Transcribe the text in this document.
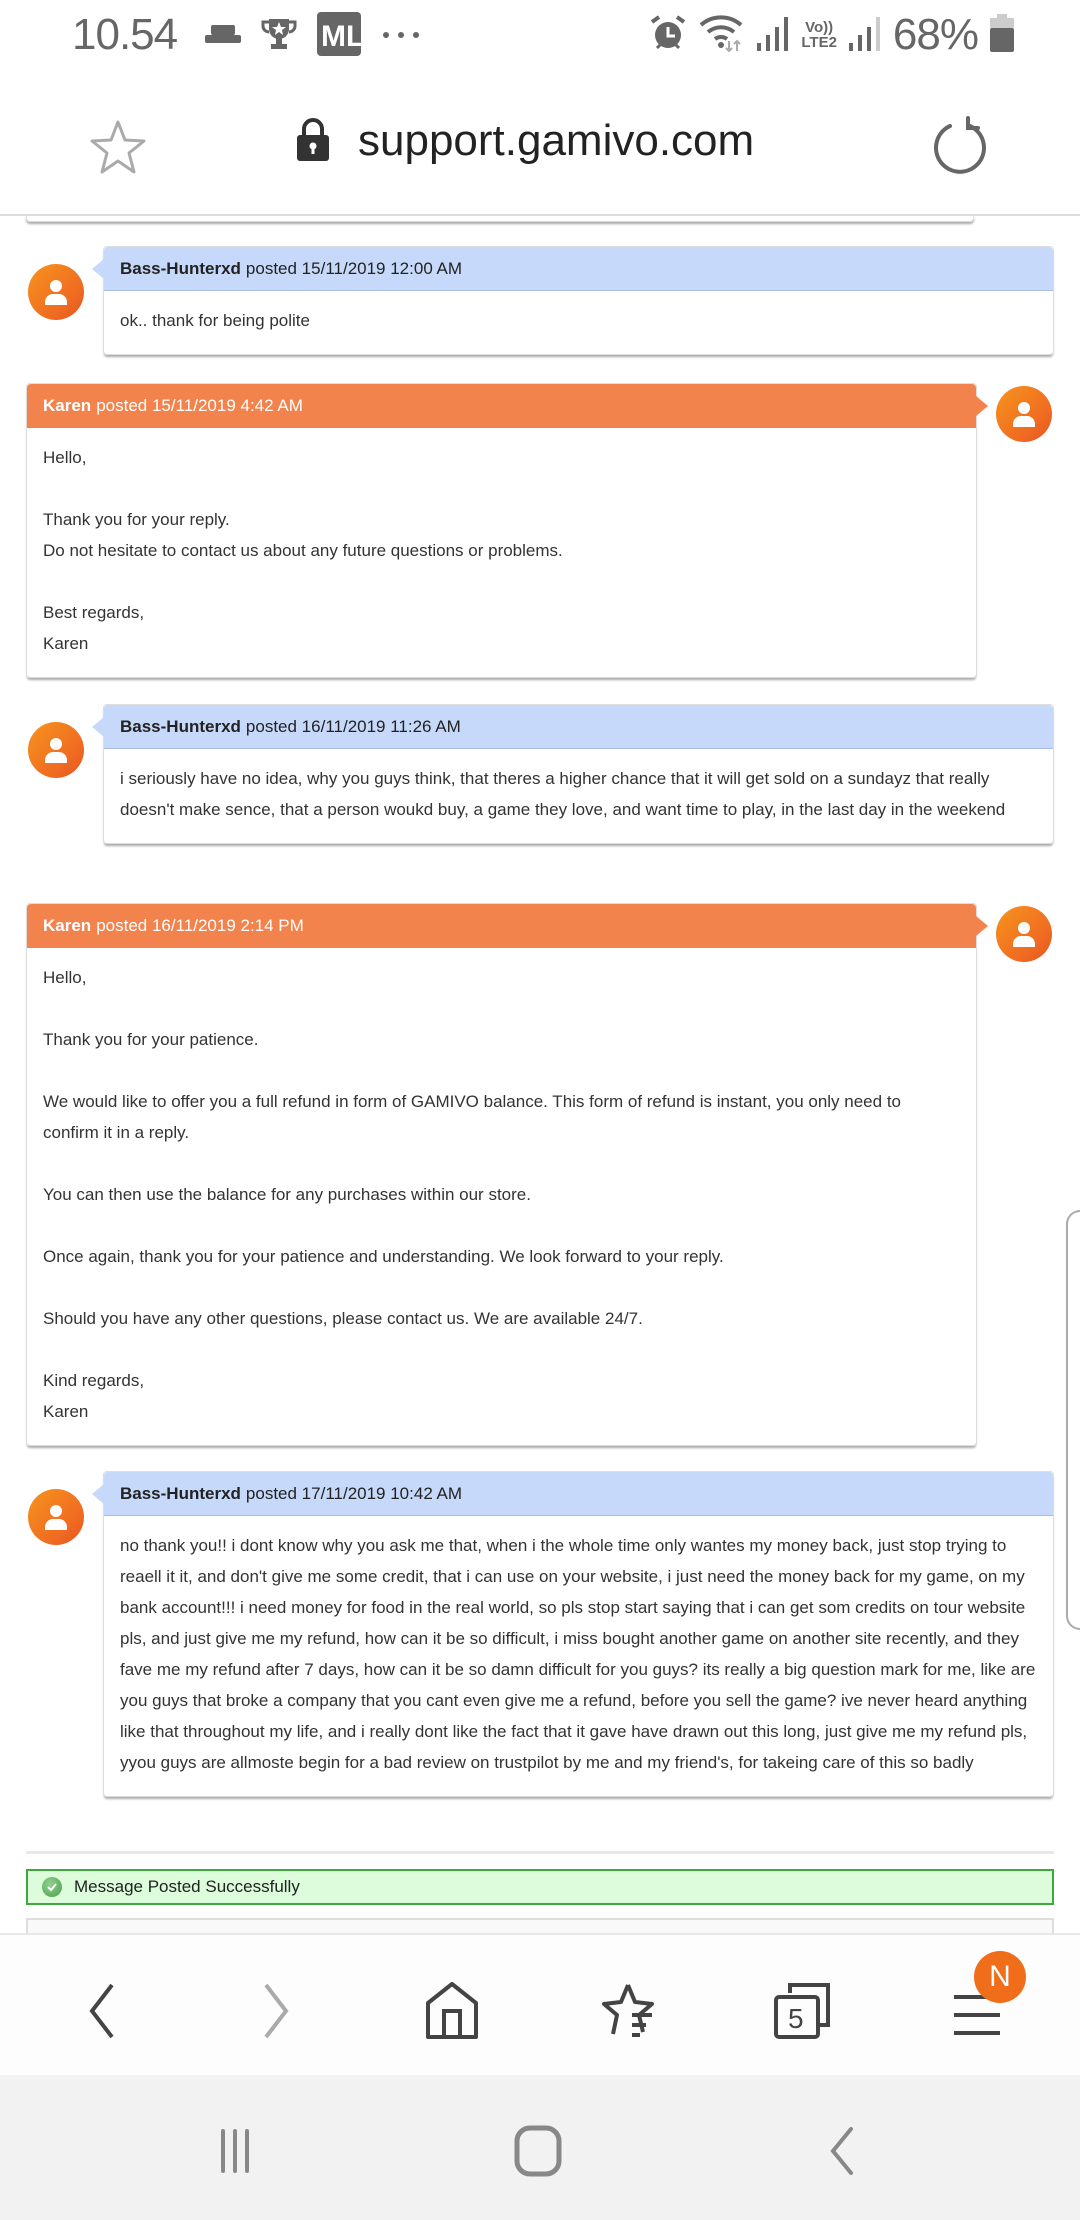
10.54	ML	Vo))
LTE2 68%
support.gamivo.com
Bass-Hunterxd posted 15/11/2019 12:00 AM

ok.. thank for being polite

Karen posted 15/11/2019 4:42 AM

Hello,

Thank you for your reply.

Do not hesitate to contact us about any future questions or problems.

Best regards,

Karen

Bass-Hunterxd posted 16/11/2019 11:26 AM

i seriously have no idea, why you guys think, that theres a higher chance that it will get sold on a sundayz that really doesn't make sence, that a person woukd buy, a game they love, and want time to play, in the last day in the weekend

Karen posted 16/11/2019 2:14 PM

Hello,

Thank you for your patience.

We would like to offer you a full refund in form of GAMIVO balance. This form of refund is instant, you only need to confirm it in a reply.

You can then use the balance for any purchases within our store.

Once again, thank you for your patience and understanding. We look forward to your reply.

Should you have any other questions, please contact us. We are available 24/7.

Kind regards,

Karen

Bass-Hunterxd posted 17/11/2019 10:42 AM

no thank you!! i dont know why you ask me that, when i the whole time only wantes my money back, just stop trying to reaell it it, and don't give me some credit, that i can use on your website, i just need the money back for my game, on my bank account!!! i need money for food in the real world, so pls stop start saying that i can get som credits on tour website pls, and just give me my refund, how can it be so difficult, i miss bought another game on another site recently, and they fave me my refund after 7 days, how can it be so damn difficult for you guys? its really a big question mark for me, like are you guys that broke a company that you cant even give me a refund, before you sell the game? ive never heard anything like that throughout my life, and i really dont like the fact that it gave have drawn out this long, just give me my refund pls, yyou guys are allmoste begin for a bad review on trustpilot by me and my friend's, for takeing care of this so badly

Message Posted Successfully
5
N
